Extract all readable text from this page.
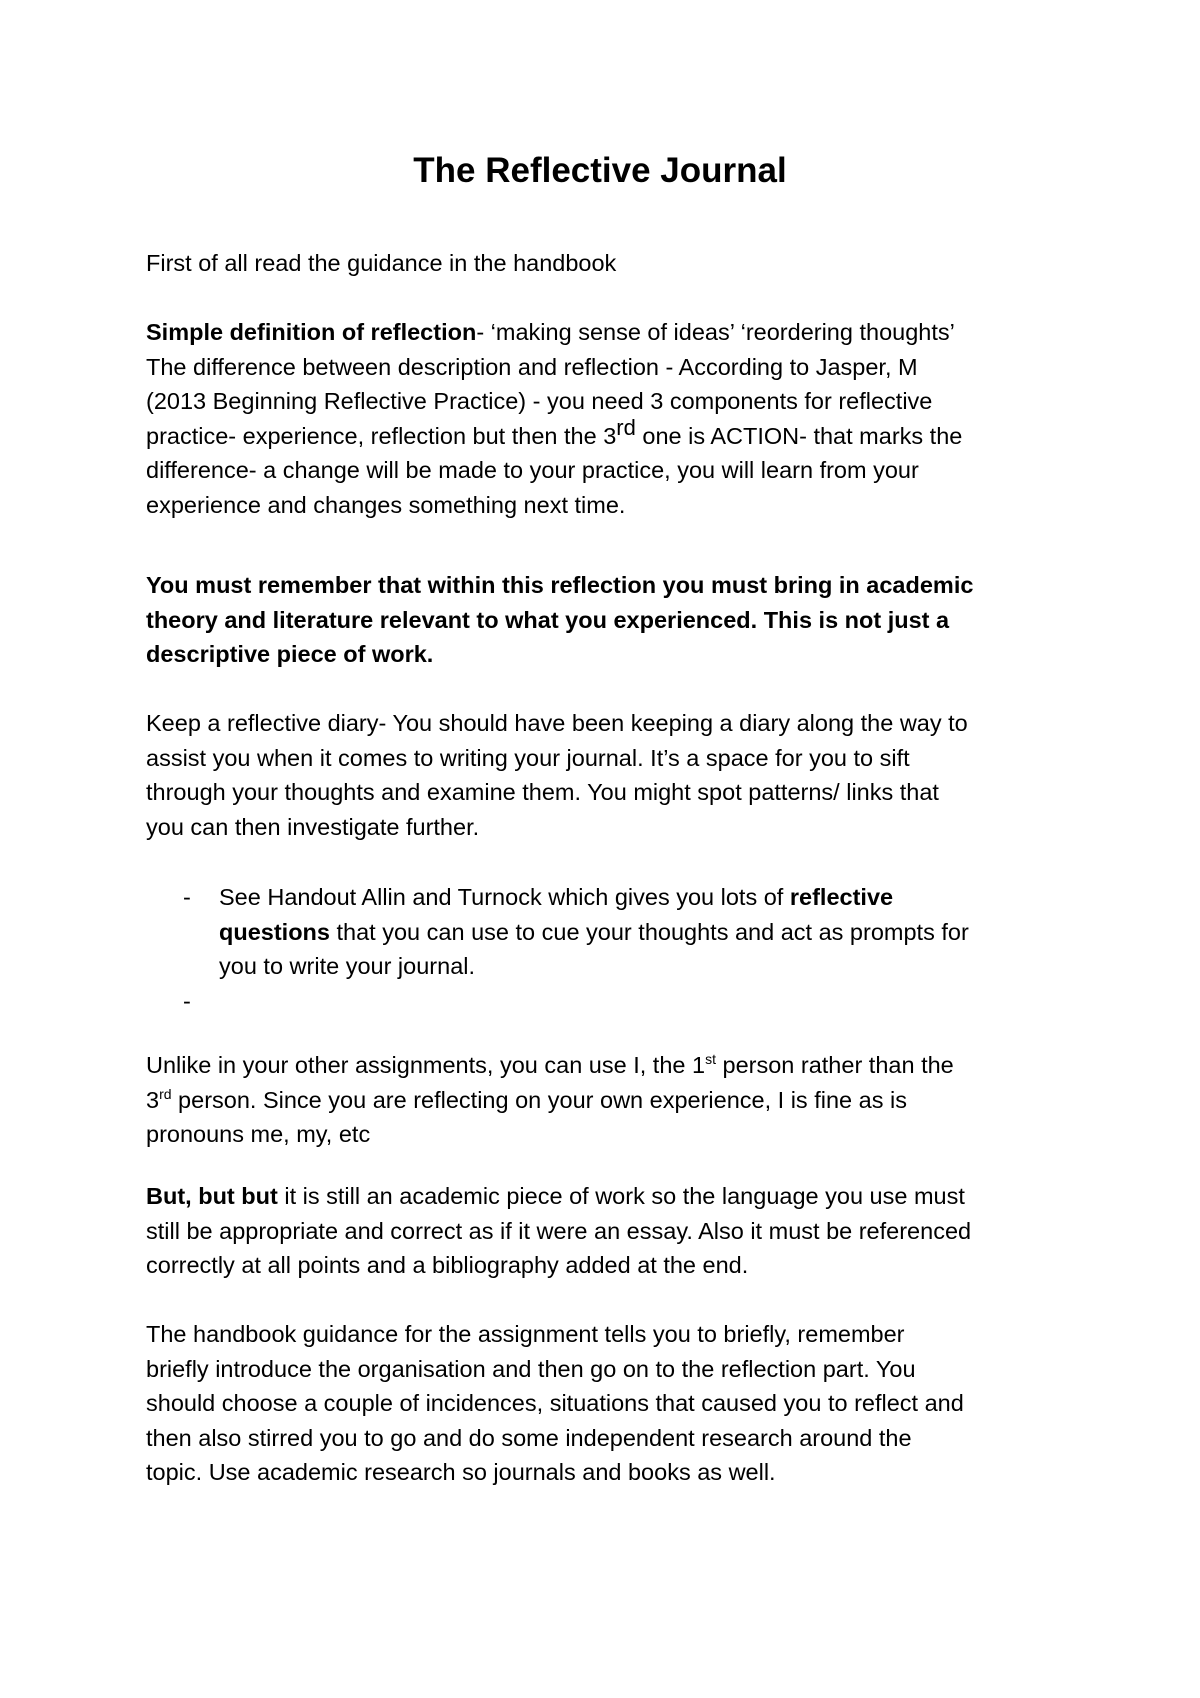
The Reflective Journal

First of all read the guidance in the handbook

Simple definition of reflection- ‘making sense of ideas’ ‘reordering thoughts’
The difference between description and reflection - According to Jasper, M
(2013 Beginning Reflective Practice) - you need 3 components for reflective
practice- experience, reflection but then the 3rd one is ACTION- that marks the
difference- a change will be made to your practice, you will learn from your
experience and changes something next time.

You must remember that within this reflection you must bring in academic
theory and literature relevant to what you experienced. This is not just a
descriptive piece of work.

Keep a reflective diary- You should have been keeping a diary along the way to
assist you when it comes to writing your journal. It’s a space for you to sift
through your thoughts and examine them. You might spot patterns/ links that
you can then investigate further.

- See Handout Allin and Turnock which gives you lots of reflective
questions that you can use to cue your thoughts and act as prompts for
you to write your journal.
-

Unlike in your other assignments, you can use I, the 1st person rather than the
3rd person. Since you are reflecting on your own experience, I is fine as is
pronouns me, my, etc

But, but but it is still an academic piece of work so the language you use must
still be appropriate and correct as if it were an essay. Also it must be referenced
correctly at all points and a bibliography added at the end.

The handbook guidance for the assignment tells you to briefly, remember
briefly introduce the organisation and then go on to the reflection part. You
should choose a couple of incidences, situations that caused you to reflect and
then also stirred you to go and do some independent research around the
topic. Use academic research so journals and books as well.
